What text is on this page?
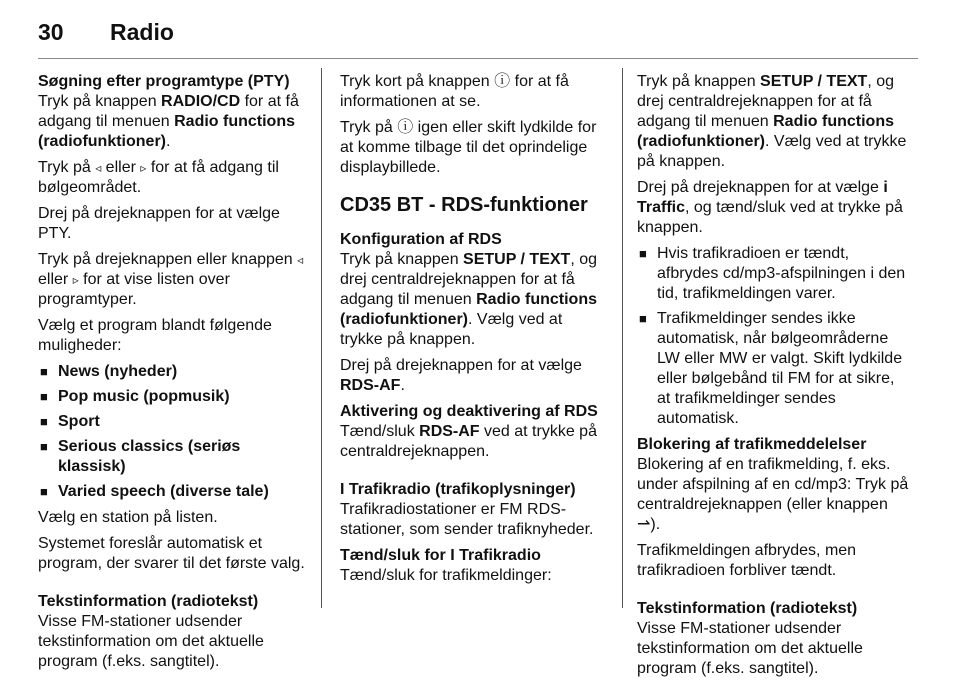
30 Radio

Søgning efter programtype (PTY)

Tryk på knappen RADIO/CD for at få adgang til menuen Radio functions (radiofunktioner).

Tryk på ◃ eller ▹ for at få adgang til bølgeområdet.

Drej på drejeknappen for at vælge PTY.

Tryk på drejeknappen eller knappen ◃ eller ▹ for at vise listen over programtyper.

Vælg et program blandt følgende muligheder:

■ News (nyheder)
■ Pop music (popmusik)
■ Sport
■ Serious classics (seriøs klassisk)
■ Varied speech (diverse tale)

Vælg en station på listen.

Systemet foreslår automatisk et program, der svarer til det første valg.

Tekstinformation (radiotekst)

Visse FM-stationer udsender tekstinformation om det aktuelle program (f.eks. sangtitel).

Tryk kort på knappen ⓘ for at få informationen at se.

Tryk på ⓘ igen eller skift lydkilde for at komme tilbage til det oprindelige displaybillede.

CD35 BT - RDS-funktioner

Konfiguration af RDS

Tryk på knappen SETUP / TEXT, og drej centraldrejeknappen for at få adgang til menuen Radio functions (radiofunktioner). Vælg ved at trykke på knappen.

Drej på drejeknappen for at vælge RDS-AF.

Aktivering og deaktivering af RDS

Tænd/sluk RDS-AF ved at trykke på centraldrejeknappen.

I Trafikradio (trafikoplysninger)

Trafikradiostationer er FM RDS-stationer, som sender trafiknyheder.

Tænd/sluk for I Trafikradio

Tænd/sluk for trafikmeldinger:

Tryk på knappen SETUP / TEXT, og drej centraldrejeknappen for at få adgang til menuen Radio functions (radiofunktioner). Vælg ved at trykke på knappen.

Drej på drejeknappen for at vælge i Traffic, og tænd/sluk ved at trykke på knappen.

■ Hvis trafikradioen er tændt, afbrydes cd/mp3-afspilningen i den tid, trafikmeldingen varer.
■ Trafikmeldinger sendes ikke automatisk, når bølgeområderne LW eller MW er valgt. Skift lydkilde eller bølgebånd til FM for at sikre, at trafikmeldinger sendes automatisk.

Blokering af trafikmeddelelser

Blokering af en trafikmelding, f. eks. under afspilning af en cd/mp3: Tryk på centraldrejeknappen (eller knappen ⇀).

Trafikmeldingen afbrydes, men trafikradioen forbliver tændt.

Tekstinformation (radiotekst)

Visse FM-stationer udsender tekstinformation om det aktuelle program (f.eks. sangtitel).
